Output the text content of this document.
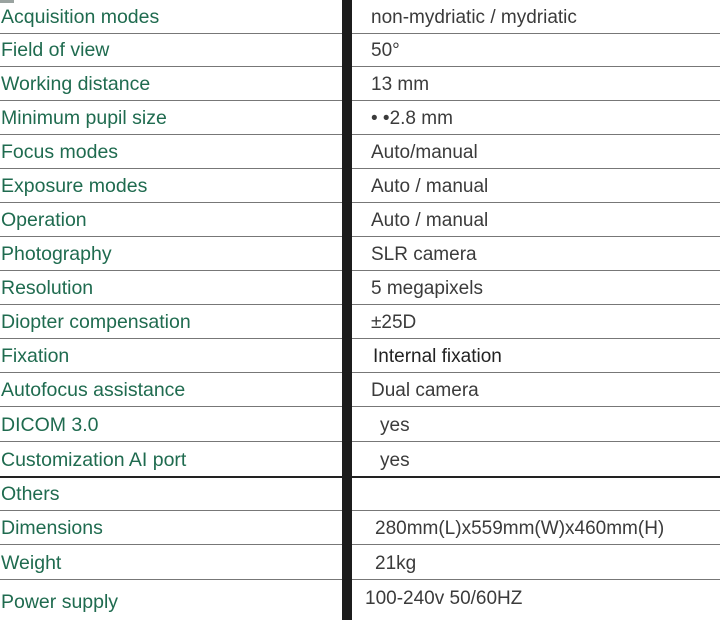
Acquisition modes	non-mydriatic / mydriatic
Field of view	50°
Working distance	13 mm
Minimum pupil size	• •2.8 mm
Focus modes	Auto/manual
Exposure modes	Auto / manual
Operation	Auto / manual
Photography	SLR camera
Resolution	5 megapixels
Diopter compensation	±25D
Fixation	Internal fixation
Autofocus assistance	Dual camera
DICOM 3.0	yes
Customization AI port	yes
Others
Dimensions	280mm(L)x559mm(W)x460mm(H)
Weight	21kg
Power supply	100-240v 50/60HZ
